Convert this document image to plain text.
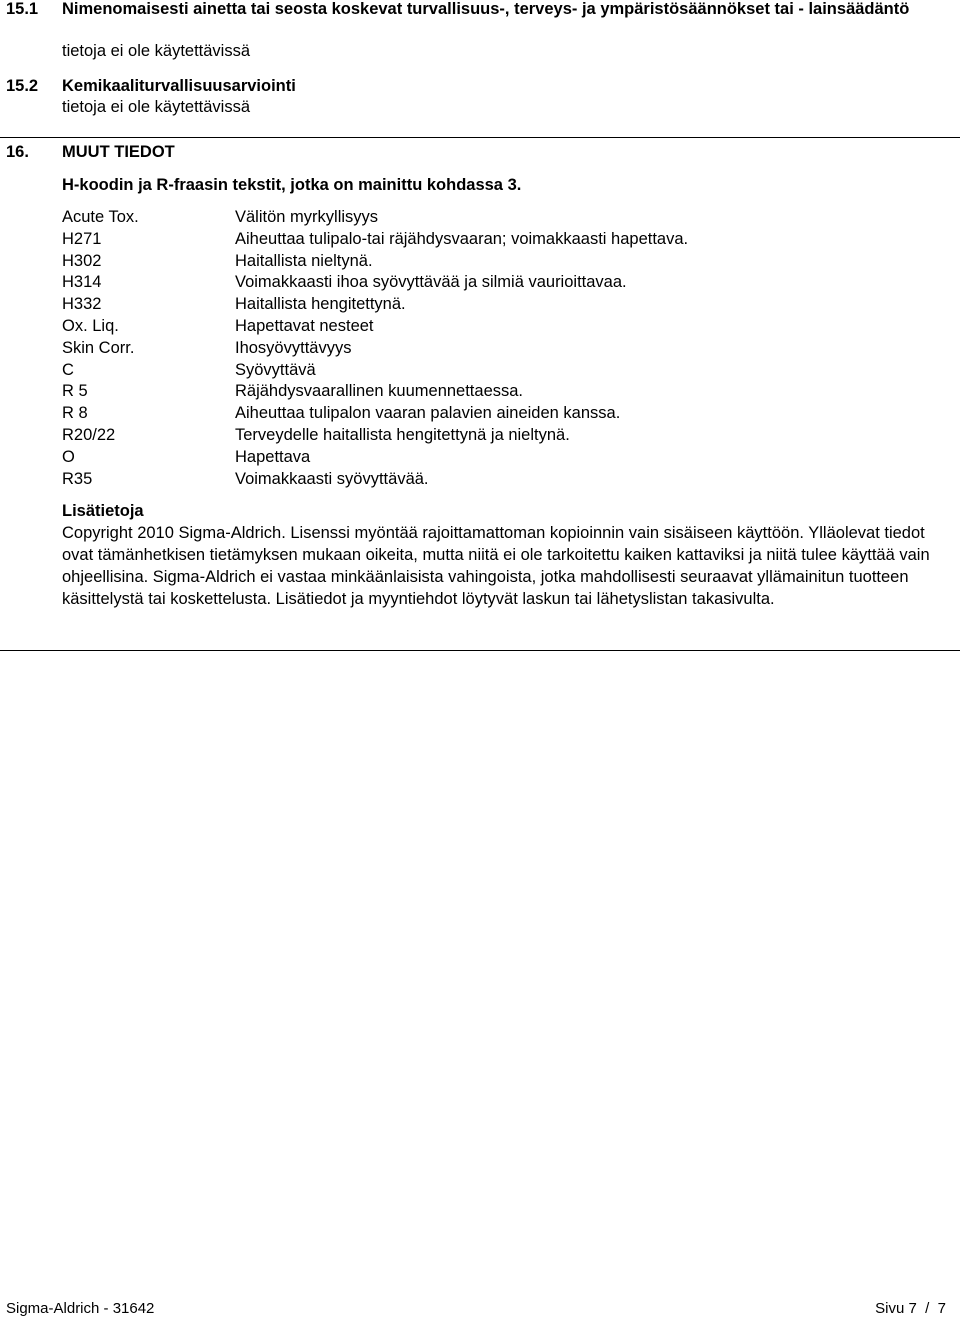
15.1 Nimenomaisesti ainetta tai seosta koskevat turvallisuus-, terveys- ja ympäristösäännökset tai - lainsäädäntö
tietoja ei ole käytettävissä
15.2 Kemikaaliturvallisuusarviointi
tietoja ei ole käytettävissä
16. MUUT TIEDOT
H-koodin ja R-fraasin tekstit, jotka on mainittu kohdassa 3.
Acute Tox.	Välitön myrkyllisyys
H271	Aiheuttaa tulipalo-tai räjähdysvaaran; voimakkaasti hapettava.
H302	Haitallista nieltynä.
H314	Voimakkaasti ihoa syövyttävää ja silmiä vaurioittavaa.
H332	Haitallista hengitettynä.
Ox. Liq.	Hapettavat nesteet
Skin Corr.	Ihosyövyttävyys
C	Syövyttävä
R 5	Räjähdysvaarallinen kuumennettaessa.
R 8	Aiheuttaa tulipalon vaaran palavien aineiden kanssa.
R20/22	Terveydelle haitallista hengitettynä ja nieltynä.
O	Hapettava
R35	Voimakkaasti syövyttävää.
Lisätietoja
Copyright 2010 Sigma-Aldrich. Lisenssi myöntää rajoittamattoman kopioinnin vain sisäiseen käyttöön. Ylläolevat tiedot ovat tämänhetkisen tietämyksen mukaan oikeita, mutta niitä ei ole tarkoitettu kaiken kattaviksi ja niitä tulee käyttää vain ohjeellisina. Sigma-Aldrich ei vastaa minkäänlaisista vahingoista, jotka mahdollisesti seuraavat yllämainitun tuotteen käsittelystä tai koskettelusta. Lisätiedot ja myyntiehdot löytyvät laskun tai lähetyslistan takasivulta.
Sigma-Aldrich - 31642	Sivu 7  /  7
